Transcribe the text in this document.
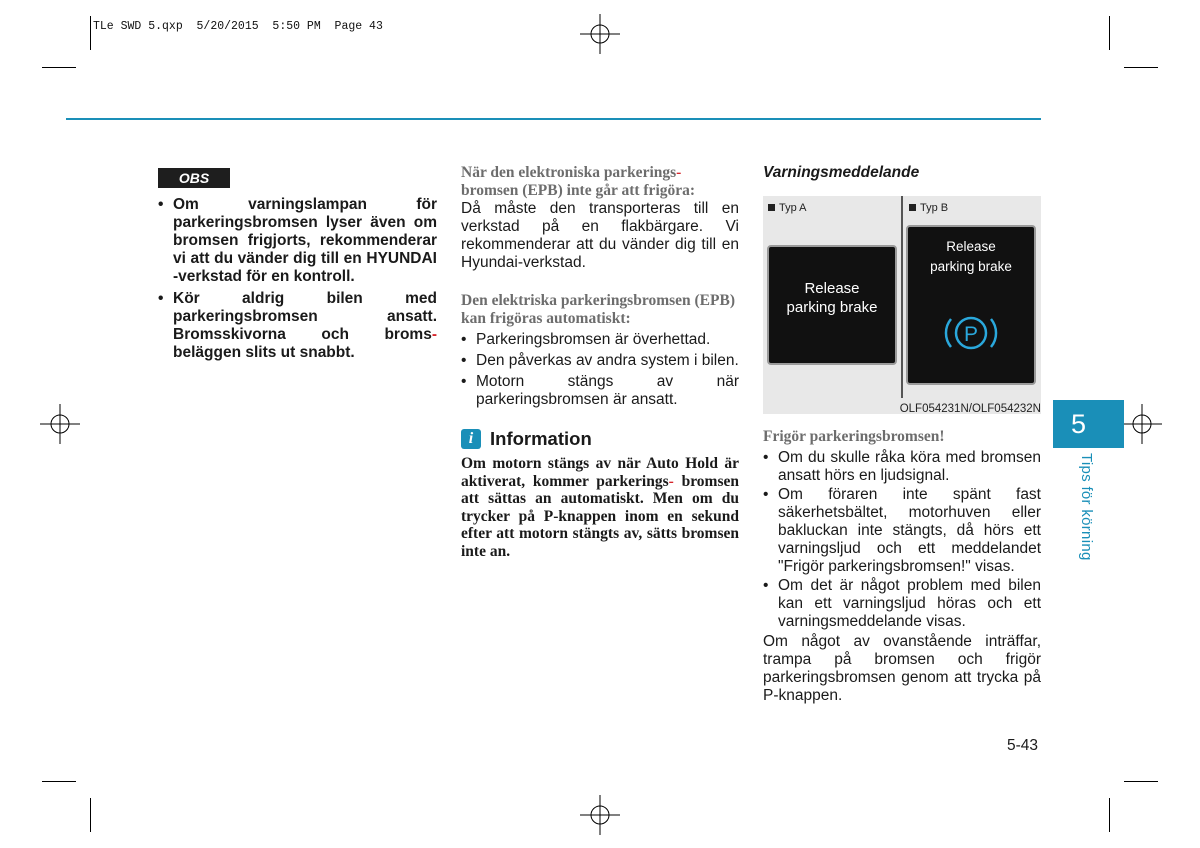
TLe SWD 5.qxp  5/20/2015  5:50 PM  Page 43
OBS
• Om varningslampan för parkeringsbromsen lyser även om bromsen frigjorts, rekommenderar vi att du vänder dig till en HYUNDAI -verkstad för en kontroll.
• Kör aldrig bilen med parkeringsbromsen ansatt. Bromsskivorna och broms- beläggen slits ut snabbt.

När den elektroniska parkerings-
bromsen (EPB) inte går att frigöra:

Då måste den transporteras till en verkstad på en flakbärgare. Vi rekommenderar att du vänder dig till en Hyundai-verkstad.

Den elektriska parkeringsbromsen (EPB) kan frigöras automatiskt:

• Parkeringsbromsen är överhettad.
• Den påverkas av andra system i bilen.
• Motorn stängs av när parkeringsbromsen är ansatt.
i Information
Om motorn stängs av när Auto Hold är aktiverat, kommer parkerings- bromsen att sättas an automatiskt. Men om du trycker på P-knappen inom en sekund efter att motorn stängts av, sätts bromsen inte an.

Varningsmeddelande

Typ A	Typ B
Release
parking brake
Release
parking brake
P
OLF054231N/OLF054232N

Frigör parkeringsbromsen!

• Om du skulle råka köra med bromsen ansatt hörs en ljudsignal.
• Om föraren inte spänt fast säkerhetsbältet, motorhuven eller bakluckan inte stängts, då hörs ett varningsljud och ett meddelandet "Frigör parkeringsbromsen!" visas.
• Om det är något problem med bilen kan ett varningsljud höras och ett varningsmeddelande visas.

Om något av ovanstående inträffar, trampa på bromsen och frigör parkeringsbromsen genom att trycka på P-knappen.

5-43
5
Tips för körning
